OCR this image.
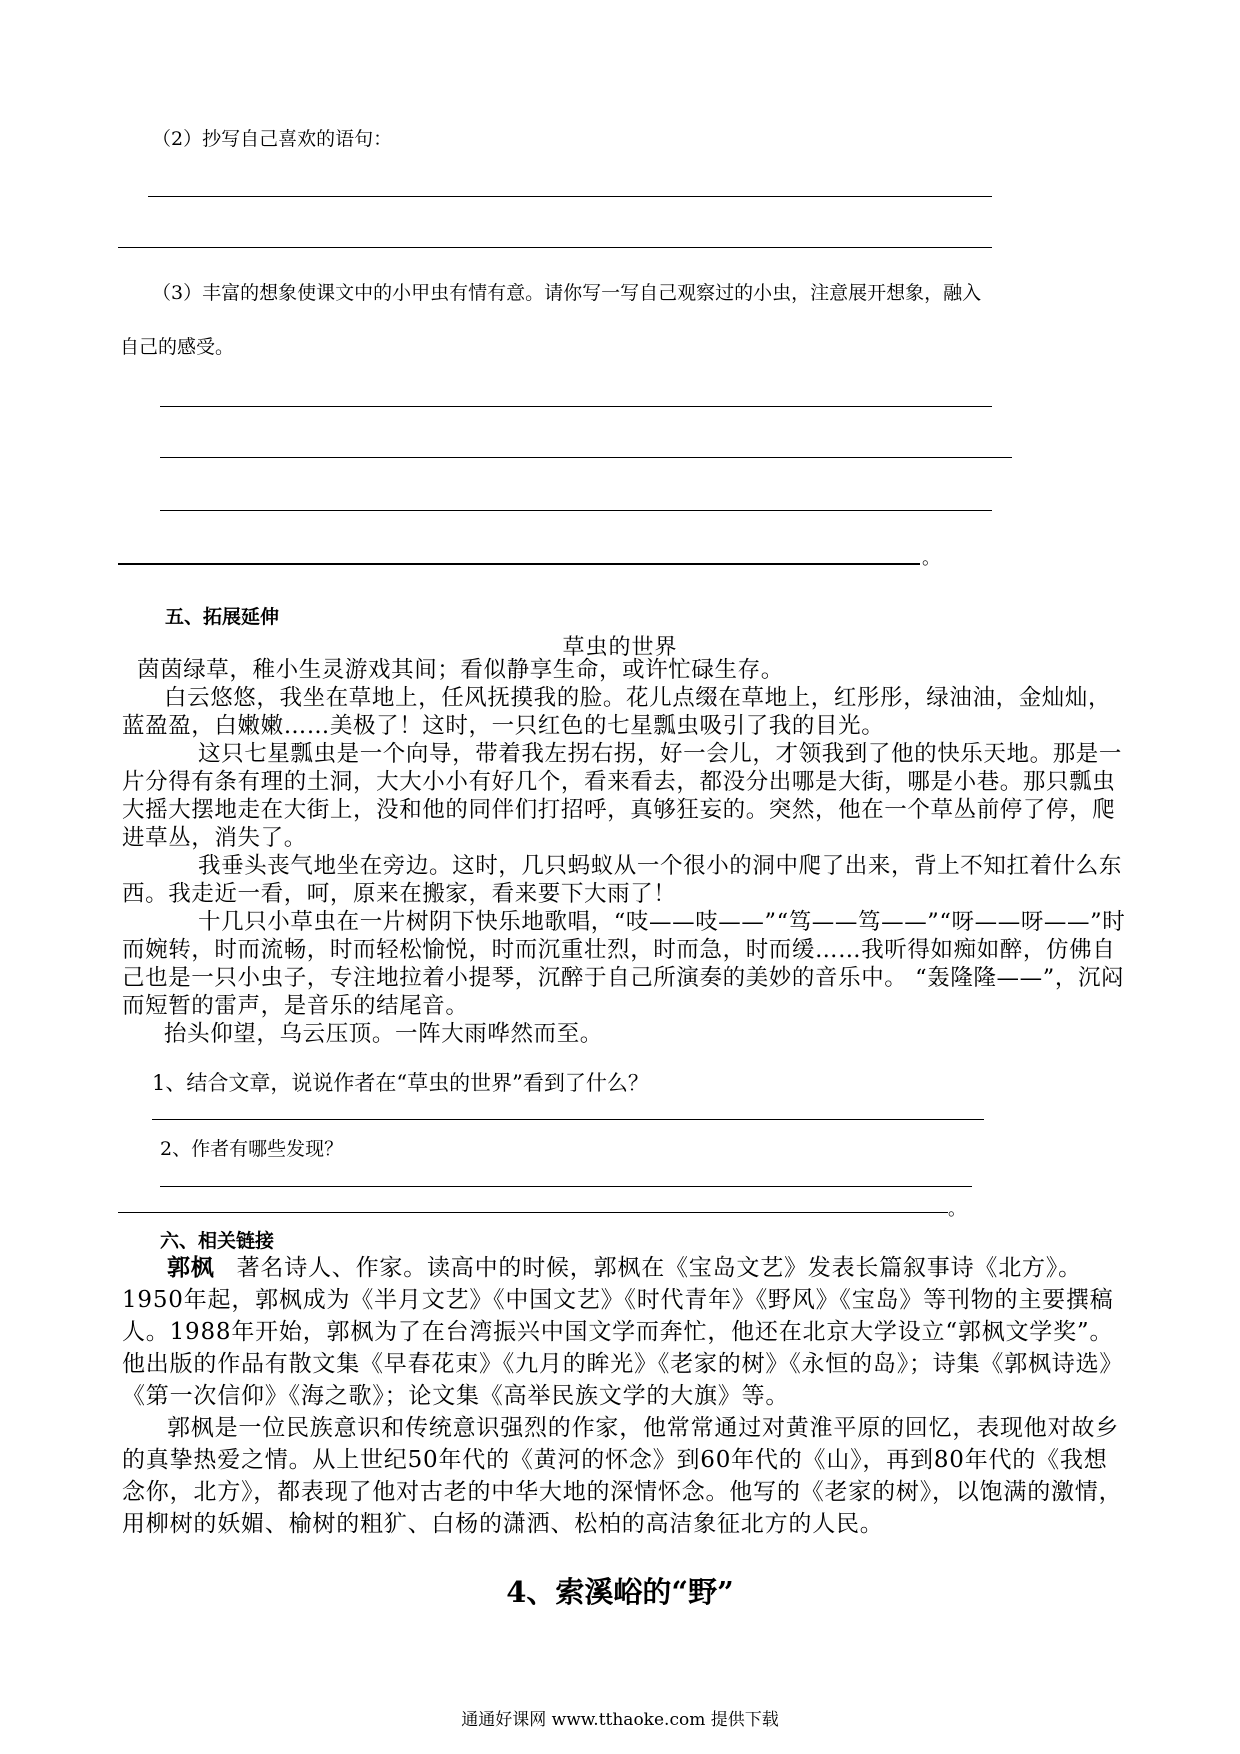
（2）抄写自己喜欢的语句：
（3）丰富的想象使课文中的小甲虫有情有意。请你写一写自己观察过的小虫，注意展开想象，融入
自己的感受。
。
五、拓展延伸
草虫的世界

茵茵绿草，稚小生灵游戏其间；看似静享生命，或许忙碌生存。

白云悠悠，我坐在草地上，任风抚摸我的脸。花儿点缀在草地上，红彤彤，绿油油，金灿灿，蓝盈盈，白嫩嫩……美极了！这时，一只红色的七星瓢虫吸引了我的目光。

这只七星瓢虫是一个向导，带着我左拐右拐，好一会儿，才领我到了他的快乐天地。那是一片分得有条有理的土洞，大大小小有好几个，看来看去，都没分出哪是大街，哪是小巷。那只瓢虫大摇大摆地走在大街上，没和他的同伴们打招呼，真够狂妄的。突然，他在一个草丛前停了停，爬进草丛，消失了。

我垂头丧气地坐在旁边。这时，几只蚂蚁从一个很小的洞中爬了出来，背上不知扛着什么东西。我走近一看，呵，原来在搬家，看来要下大雨了！

十几只小草虫在一片树阴下快乐地歌唱，“吱——吱——”“笃——笃——”“呀——呀——”时而婉转，时而流畅，时而轻松愉悦，时而沉重壮烈，时而急，时而缓……我听得如痴如醉，仿佛自己也是一只小虫子，专注地拉着小提琴，沉醉于自己所演奏的美妙的音乐中。 “轰隆隆——”，沉闷而短暂的雷声，是音乐的结尾音。

抬头仰望，乌云压顶。一阵大雨哗然而至。

1、结合文章，说说作者在“草虫的世界”看到了什么？
2、作者有哪些发现？
。
六、相关链接

郭枫 著名诗人、作家。读高中的时候，郭枫在《宝岛文艺》发表长篇叙事诗《北方》。1950年起，郭枫成为《半月文艺》《中国文艺》《时代青年》《野风》《宝岛》等刊物的主要撰稿人。1988年开始，郭枫为了在台湾振兴中国文学而奔忙，他还在北京大学设立“郭枫文学奖”。他出版的作品有散文集《早春花束》《九月的眸光》《老家的树》《永恒的岛》；诗集《郭枫诗选》《第一次信仰》《海之歌》；论文集《高举民族文学的大旗》等。

郭枫是一位民族意识和传统意识强烈的作家，他常常通过对黄淮平原的回忆，表现他对故乡的真挚热爱之情。从上世纪50年代的《黄河的怀念》到60年代的《山》，再到80年代的《我想念你，北方》，都表现了他对古老的中华大地的深情怀念。他写的《老家的树》，以饱满的激情，用柳树的妖媚、榆树的粗犷、白杨的潇洒、松柏的高洁象征北方的人民。

4、索溪峪的“野”
通通好课网 www.tthaoke.com 提供下载
